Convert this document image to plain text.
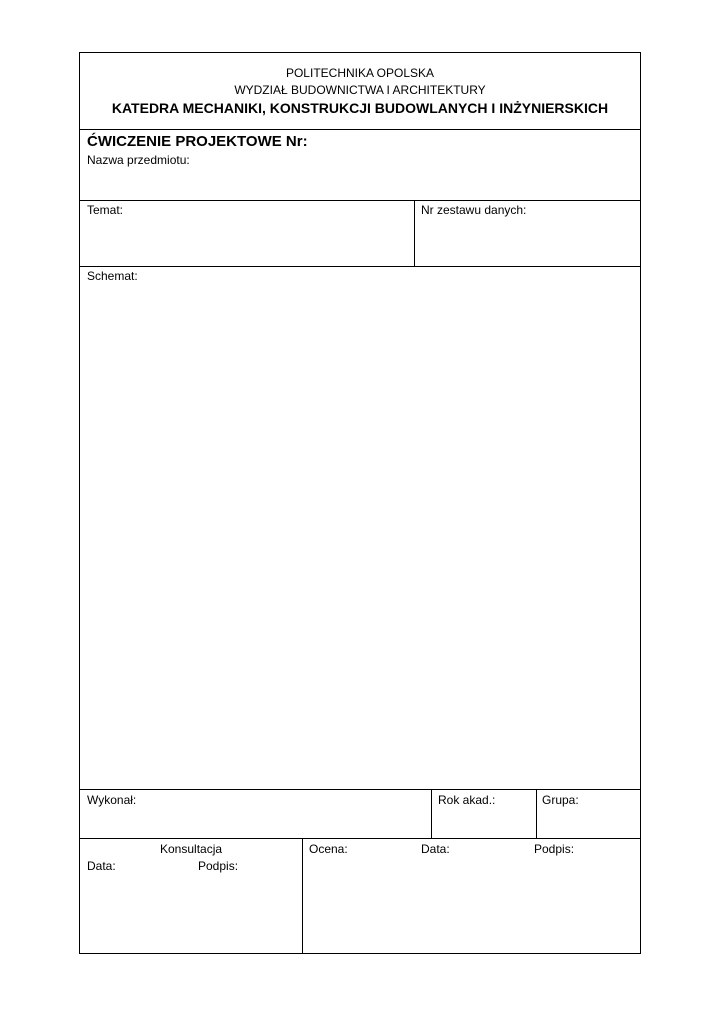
POLITECHNIKA OPOLSKA
WYDZIAŁ BUDOWNICTWA I ARCHITEKTURY
KATEDRA MECHANIKI, KONSTRUKCJI BUDOWLANYCH I INŻYNIERSKICH
ĆWICZENIE PROJEKTOWE Nr:
Nazwa przedmiotu:
Temat:	Nr zestawu danych:
Schemat:
Wykonał:	Rok akad.:	Grupa:
Konsultacja
Data:	Podpis:
Ocena:	Data:	Podpis:
